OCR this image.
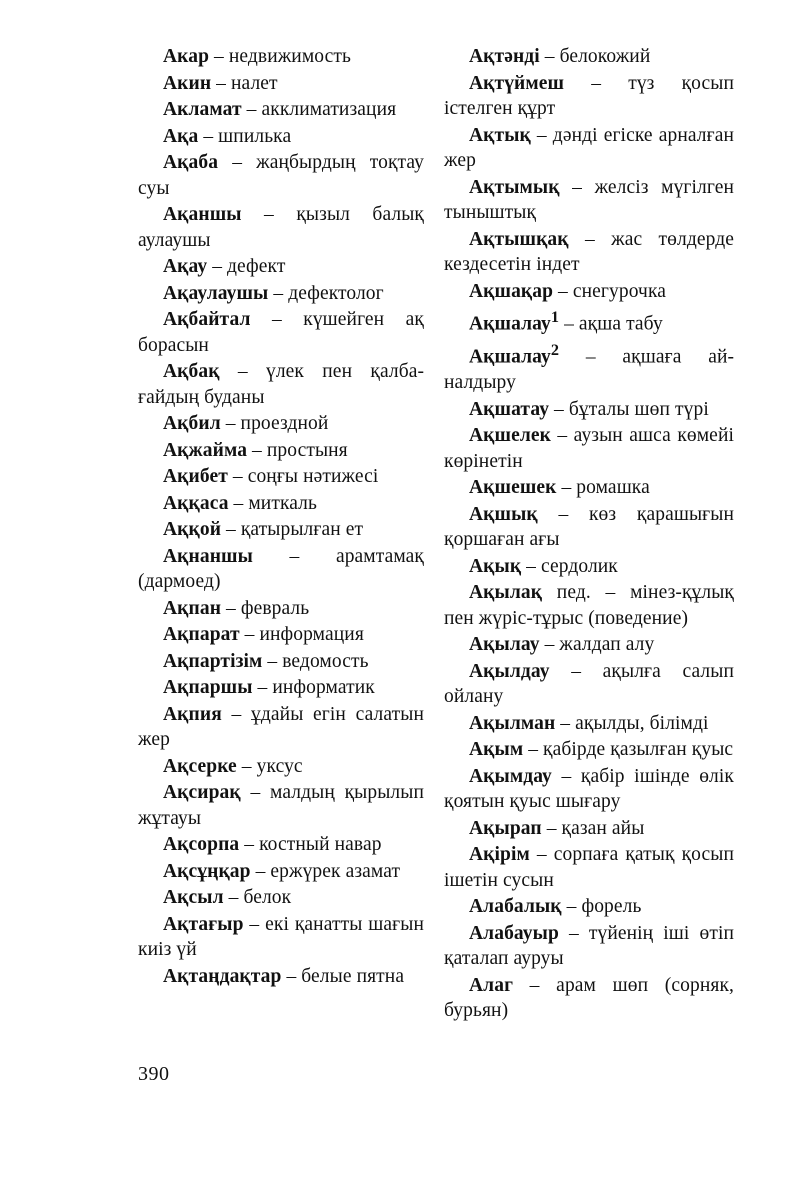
Акар – недвижимость

Акин – налет

Акламат – акклиматизация

Ақа – шпилька

Ақаба – жаңбырдың тоқтау суы

Ақаншы – қызыл балық аулаушы

Ақау – дефект

Ақаулаушы – дефектолог

Ақбайтал – күшейген ақ борасын

Ақбақ – үлек пен қалбағайдың буданы

Ақбил – проездной

Ақжайма – простыня

Ақибет – соңғы нәтижесі

Аққаса – миткаль

Аққой – қатырылған ет

Ақнаншы – арамтамақ (дармоед)

Ақпан – февраль

Ақпарат – информация

Ақпартізім – ведомость

Ақпаршы – информатик

Ақпия – ұдайы егін салатын жер

Ақсерке – уксус

Ақсирақ – малдың қырылып жұтауы

Ақсорпа – костный навар

Ақсұңқар – ержүрек азамат

Ақсыл – белок

Ақтағыр – екі қанатты шағын киіз үй

Ақтаңдақтар – белые пятна

Ақтәнді – белокожий

Ақтүймеш – түз қосып істелген құрт

Ақтық – дәнді егіске арналған жер

Ақтымық – желсіз мүгілген тыныштық

Ақтышқақ – жас төлдерде кездесетін індет

Ақшақар – снегурочка

Ақшалау$^1$ – ақша табу

Ақшалау$^2$ – ақшаға айналдыру

Ақшатау – бұталы шөп түрі

Ақшелек – аузын ашса көмейі көрінетін

Ақшешек – ромашка

Ақшық – көз қарашығын қоршаған ағы

Ақық – сердолик

Ақылақ пед. – мінез-құлық пен жүріс-тұрыс (поведение)

Ақылау – жалдап алу

Ақылдау – ақылға салып ойлану

Ақылман – ақылды, білімді

Ақым – қабірде қазылған қуыс

Ақымдау – қабір ішінде өлік қоятын қуыс шығару

Ақырап – қазан айы

Ақірім – сорпаға қатық қосып ішетін сусын

Алабалық – форель

Алабауыр – түйенің іші өтіп қаталап ауруы

Алаг – арам шөп (сорняк, бурьян)

390
